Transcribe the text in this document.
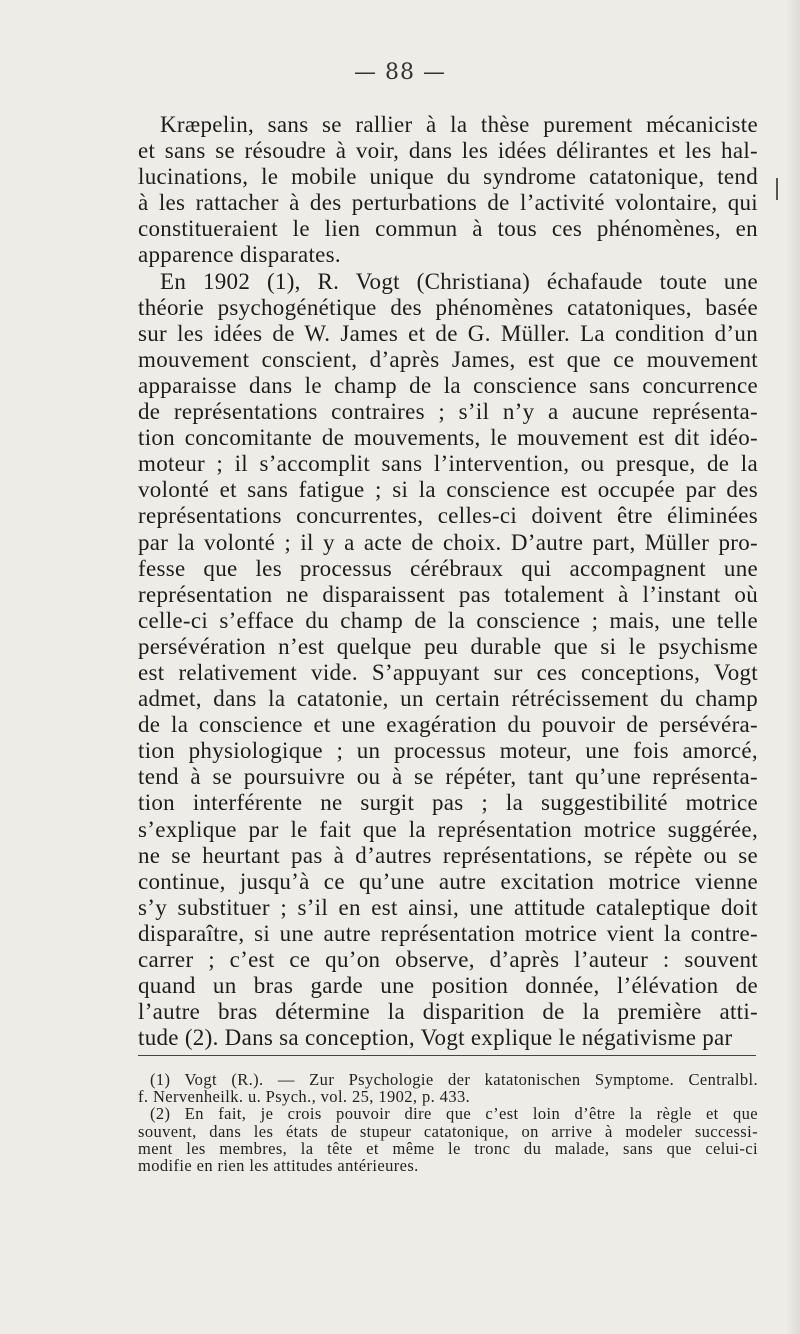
— 88 —
Kræpelin, sans se rallier à la thèse purement mécaniciste
et sans se résoudre à voir, dans les idées délirantes et les hal-
lucinations, le mobile unique du syndrome catatonique, tend
à les rattacher à des perturbations de l’activité volontaire, qui
constitueraient le lien commun à tous ces phénomènes, en
apparence disparates.
En 1902 (1), R. Vogt (Christiana) échafaude toute une
théorie psychogénétique des phénomènes catatoniques, basée
sur les idées de W. James et de G. Müller. La condition d’un
mouvement conscient, d’après James, est que ce mouvement
apparaisse dans le champ de la conscience sans concurrence
de représentations contraires ; s’il n’y a aucune représenta-
tion concomitante de mouvements, le mouvement est dit idéo-
moteur ; il s’accomplit sans l’intervention, ou presque, de la
volonté et sans fatigue ; si la conscience est occupée par des
représentations concurrentes, celles-ci doivent être éliminées
par la volonté ; il y a acte de choix. D’autre part, Müller pro-
fesse que les processus cérébraux qui accompagnent une
représentation ne disparaissent pas totalement à l’instant où
celle-ci s’efface du champ de la conscience ; mais, une telle
persévération n’est quelque peu durable que si le psychisme
est relativement vide. S’appuyant sur ces conceptions, Vogt
admet, dans la catatonie, un certain rétrécissement du champ
de la conscience et une exagération du pouvoir de persévéra-
tion physiologique ; un processus moteur, une fois amorcé,
tend à se poursuivre ou à se répéter, tant qu’une représenta-
tion interférente ne surgit pas ; la suggestibilité motrice
s’explique par le fait que la représentation motrice suggérée,
ne se heurtant pas à d’autres représentations, se répète ou se
continue, jusqu’à ce qu’une autre excitation motrice vienne
s’y substituer ; s’il en est ainsi, une attitude cataleptique doit
disparaître, si une autre représentation motrice vient la contre-
carrer ; c’est ce qu’on observe, d’après l’auteur : souvent
quand un bras garde une position donnée, l’élévation de
l’autre bras détermine la disparition de la première atti-
tude (2). Dans sa conception, Vogt explique le négativisme par
(1) Vogt (R.). — Zur Psychologie der katatonischen Symptome. Centralbl.
f. Nervenheilk. u. Psych., vol. 25, 1902, p. 433.
(2) En fait, je crois pouvoir dire que c’est loin d’être la règle et que
souvent, dans les états de stupeur catatonique, on arrive à modeler successi-
ment les membres, la tête et même le tronc du malade, sans que celui-ci
modifie en rien les attitudes antérieures.
